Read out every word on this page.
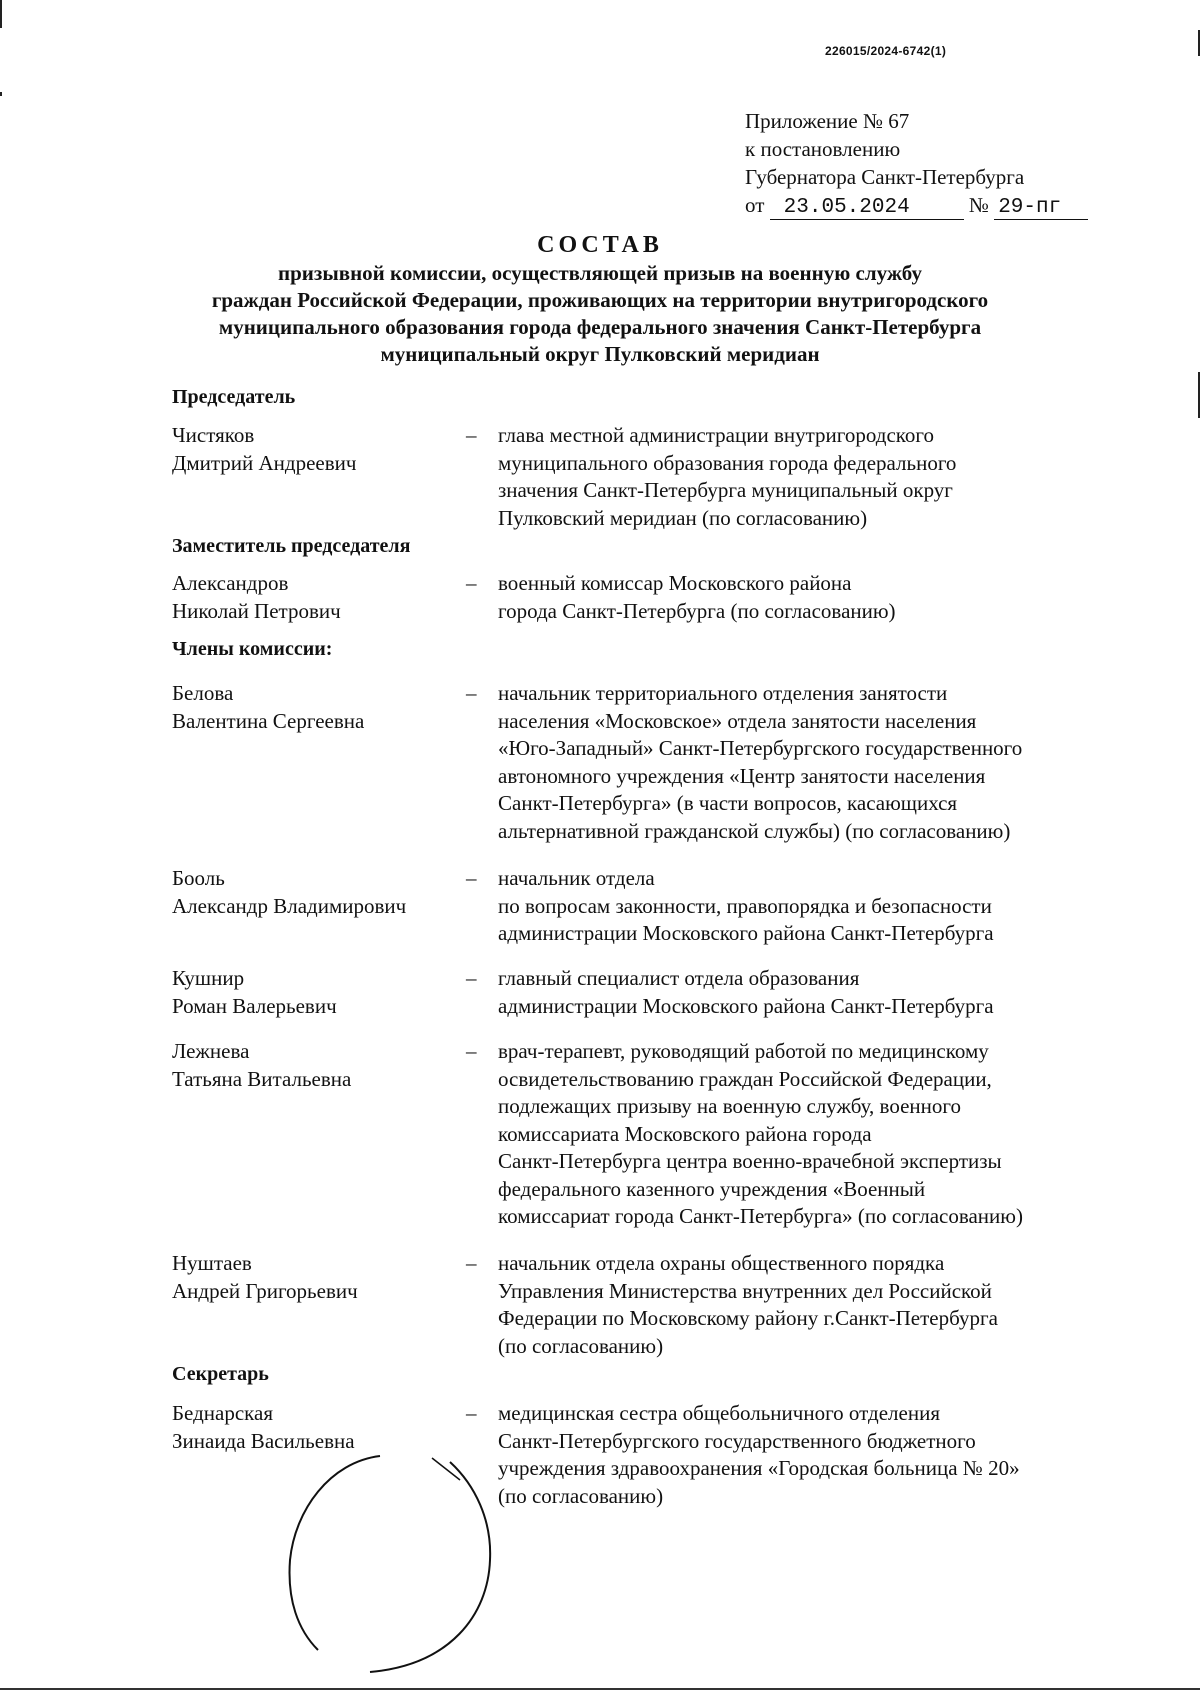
226015/2024-6742(1)
Приложение № 67
к постановлению
Губернатора Санкт-Петербурга
от 23.05.2024	№ 29-пг
СОСТАВ
призывной комиссии, осуществляющей призыв на военную службу
граждан Российской Федерации, проживающих на территории внутригородского
муниципального образования города федерального значения Санкт-Петербурга
муниципальный округ Пулковский меридиан
Председатель
Чистяков
Дмитрий Андреевич
– глава местной администрации внутригородского
муниципального образования города федерального
значения Санкт-Петербурга муниципальный округ
Пулковский меридиан (по согласованию)
Заместитель председателя
Александров
Николай Петрович
– военный комиссар Московского района
города Санкт-Петербурга (по согласованию)
Члены комиссии:
Белова
Валентина Сергеевна
– начальник территориального отделения занятости
населения «Московское» отдела занятости населения
«Юго-Западный» Санкт-Петербургского государственного
автономного учреждения «Центр занятости населения
Санкт-Петербурга» (в части вопросов, касающихся
альтернативной гражданской службы) (по согласованию)
Бооль
Александр Владимирович
– начальник отдела
по вопросам законности, правопорядка и безопасности
администрации Московского района Санкт-Петербурга
Кушнир
Роман Валерьевич
– главный специалист отдела образования
администрации Московского района Санкт-Петербурга
Лежнева
Татьяна Витальевна
– врач-терапевт, руководящий работой по медицинскому
освидетельствованию граждан Российской Федерации,
подлежащих призыву на военную службу, военного
комиссариата Московского района города
Санкт-Петербурга центра военно-врачебной экспертизы
федерального казенного учреждения «Военный
комиссариат города Санкт-Петербурга» (по согласованию)
Нуштаев
Андрей Григорьевич
– начальник отдела охраны общественного порядка
Управления Министерства внутренних дел Российской
Федерации по Московскому району г.Санкт-Петербурга
(по согласованию)
Секретарь
Беднарская
Зинаида Васильевна
– медицинская сестра общебольничного отделения
Санкт-Петербургского государственного бюджетного
учреждения здравоохранения «Городская больница № 20»
(по согласованию)
